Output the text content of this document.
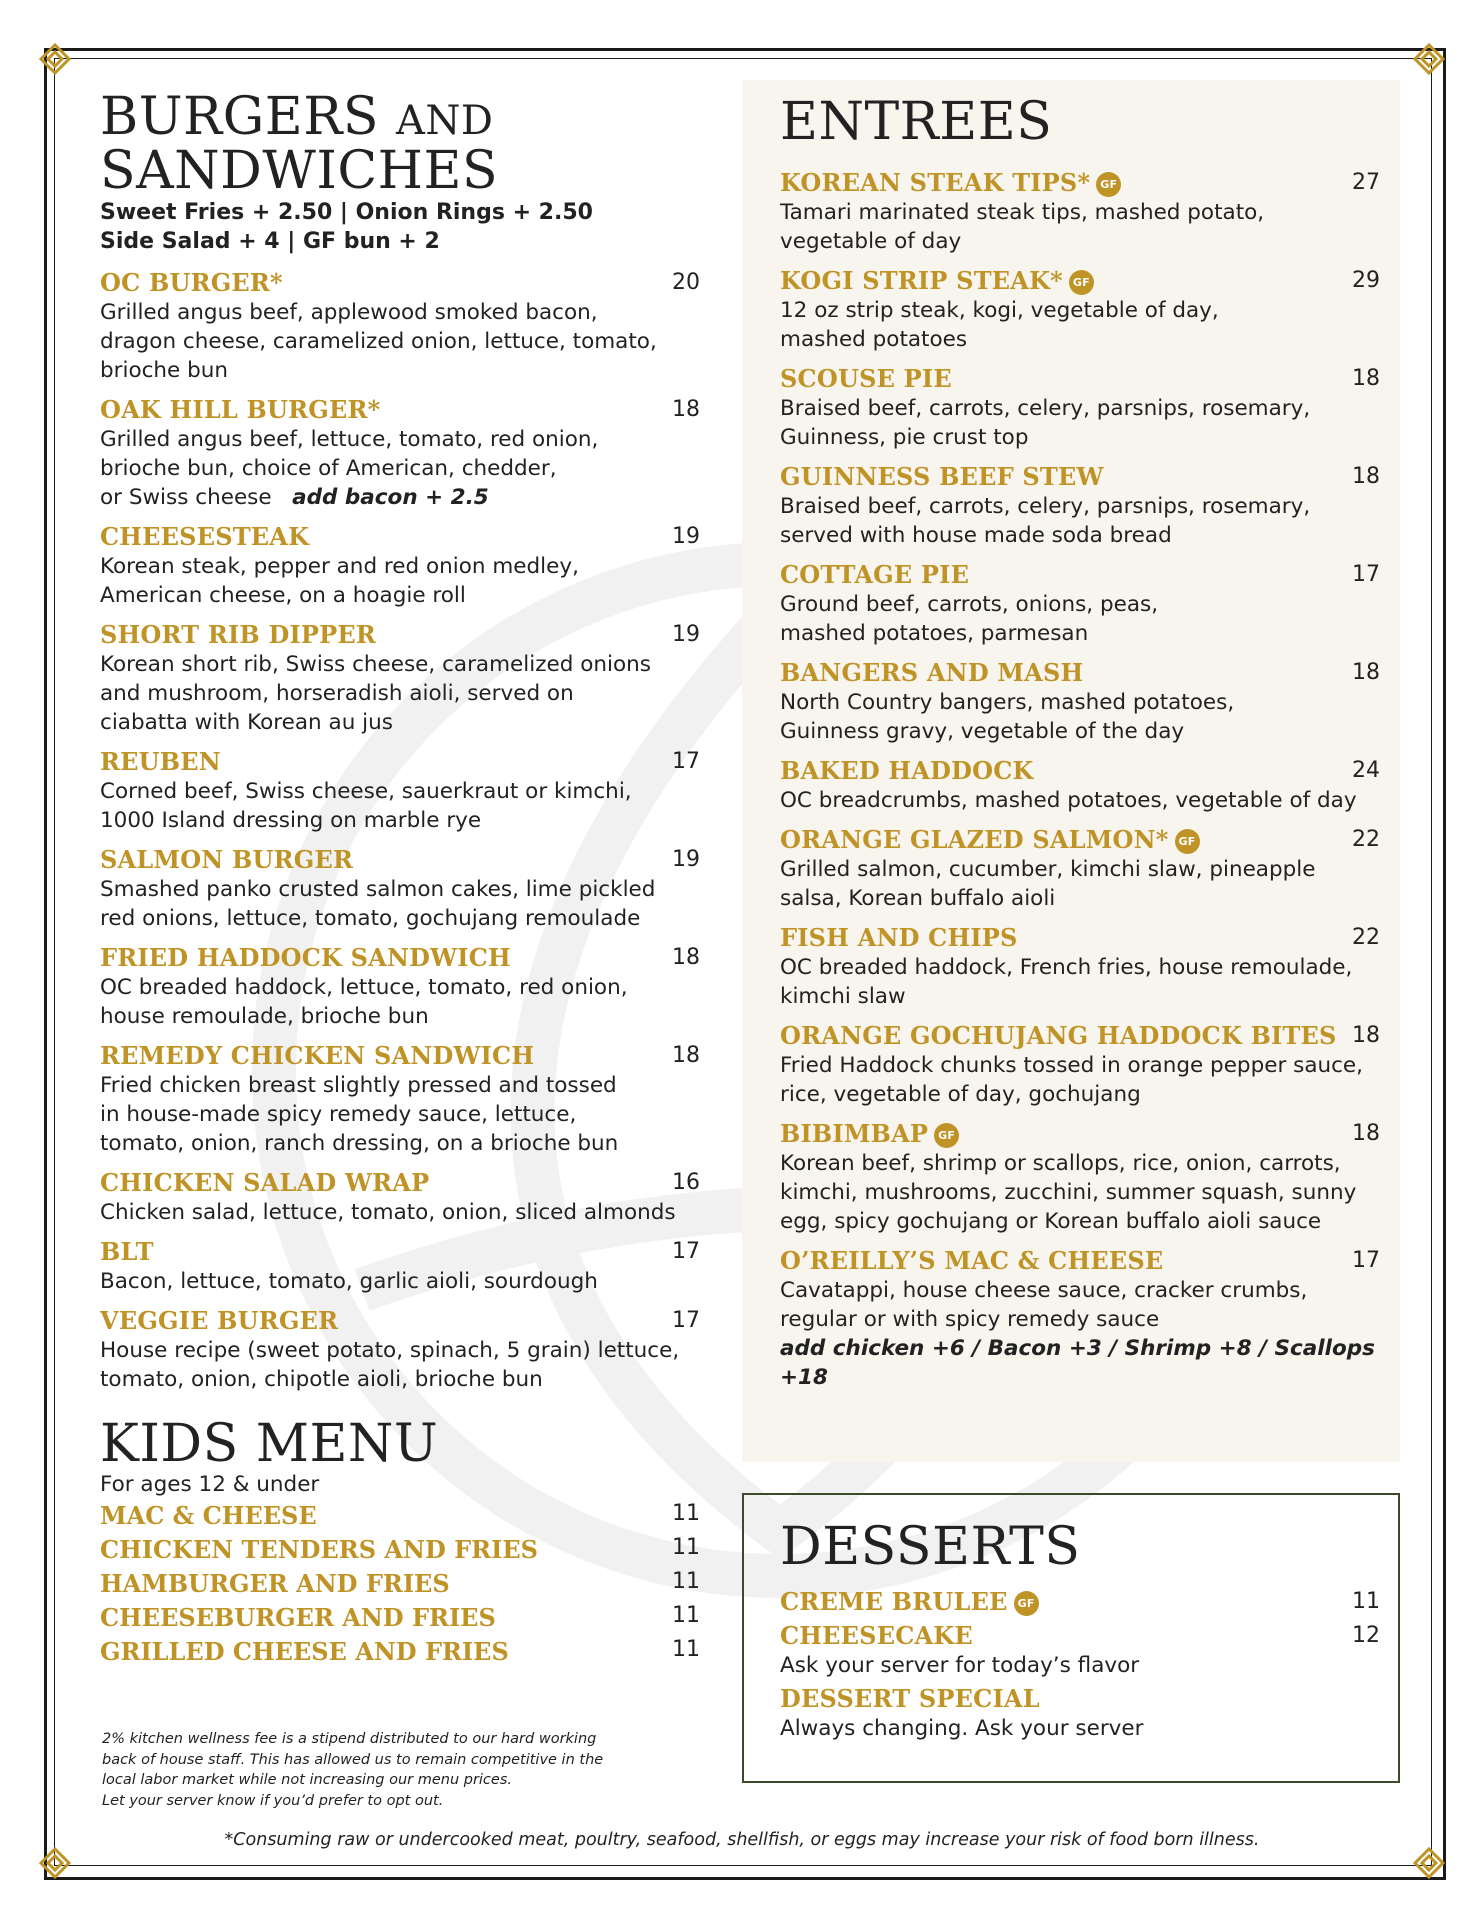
BURGERS AND
SANDWICHES
Sweet Fries + 2.50 | Onion Rings + 2.50
Side Salad + 4 | GF bun + 2
OC BURGER*	20
Grilled angus beef, applewood smoked bacon,
dragon cheese, caramelized onion, lettuce, tomato,
brioche bun
OAK HILL BURGER*	18
Grilled angus beef, lettuce, tomato, red onion,
brioche bun, choice of American, chedder,
or Swiss cheese add bacon + 2.5
CHEESESTEAK	19
Korean steak, pepper and red onion medley,
American cheese, on a hoagie roll
SHORT RIB DIPPER	19
Korean short rib, Swiss cheese, caramelized onions
and mushroom, horseradish aioli, served on
ciabatta with Korean au jus
REUBEN	17
Corned beef, Swiss cheese, sauerkraut or kimchi,
1000 Island dressing on marble rye
SALMON BURGER	19
Smashed panko crusted salmon cakes, lime pickled
red onions, lettuce, tomato, gochujang remoulade
FRIED HADDOCK SANDWICH	18
OC breaded haddock, lettuce, tomato, red onion,
house remoulade, brioche bun
REMEDY CHICKEN SANDWICH	18
Fried chicken breast slightly pressed and tossed
in house-made spicy remedy sauce, lettuce,
tomato, onion, ranch dressing, on a brioche bun
CHICKEN SALAD WRAP	16
Chicken salad, lettuce, tomato, onion, sliced almonds
BLT	17
Bacon, lettuce, tomato, garlic aioli, sourdough
VEGGIE BURGER	17
House recipe (sweet potato, spinach, 5 grain) lettuce,
tomato, onion, chipotle aioli, brioche bun
KIDS MENU
For ages 12 & under
MAC & CHEESE	11
CHICKEN TENDERS AND FRIES	11
HAMBURGER AND FRIES	11
CHEESEBURGER AND FRIES	11
GRILLED CHEESE AND FRIES	11
2% kitchen wellness fee is a stipend distributed to our hard working
back of house staff. This has allowed us to remain competitive in the
local labor market while not increasing our menu prices.
Let your server know if you’d prefer to opt out.
ENTREES
KOREAN STEAK TIPS* GF	27
Tamari marinated steak tips, mashed potato,
vegetable of day
KOGI STRIP STEAK* GF	29
12 oz strip steak, kogi, vegetable of day,
mashed potatoes
SCOUSE PIE	18
Braised beef, carrots, celery, parsnips, rosemary,
Guinness, pie crust top
GUINNESS BEEF STEW	18
Braised beef, carrots, celery, parsnips, rosemary,
served with house made soda bread
COTTAGE PIE	17
Ground beef, carrots, onions, peas,
mashed potatoes, parmesan
BANGERS AND MASH	18
North Country bangers, mashed potatoes,
Guinness gravy, vegetable of the day
BAKED HADDOCK	24
OC breadcrumbs, mashed potatoes, vegetable of day
ORANGE GLAZED SALMON* GF	22
Grilled salmon, cucumber, kimchi slaw, pineapple
salsa, Korean buffalo aioli
FISH AND CHIPS	22
OC breaded haddock, French fries, house remoulade,
kimchi slaw
ORANGE GOCHUJANG HADDOCK BITES 18
Fried Haddock chunks tossed in orange pepper sauce,
rice, vegetable of day, gochujang
BIBIMBAP GF	18
Korean beef, shrimp or scallops, rice, onion, carrots,
kimchi, mushrooms, zucchini, summer squash, sunny
egg, spicy gochujang or Korean buffalo aioli sauce
O’REILLY’S MAC & CHEESE	17
Cavatappi, house cheese sauce, cracker crumbs,
regular or with spicy remedy sauce
add chicken +6 / Bacon +3 / Shrimp +8 / Scallops +18
DESSERTS
CREME BRULEE GF	11
CHEESECAKE	12
Ask your server for today’s flavor
DESSERT SPECIAL
Always changing. Ask your server
*Consuming raw or undercooked meat, poultry, seafood, shellfish, or eggs may increase your risk of food born illness.
